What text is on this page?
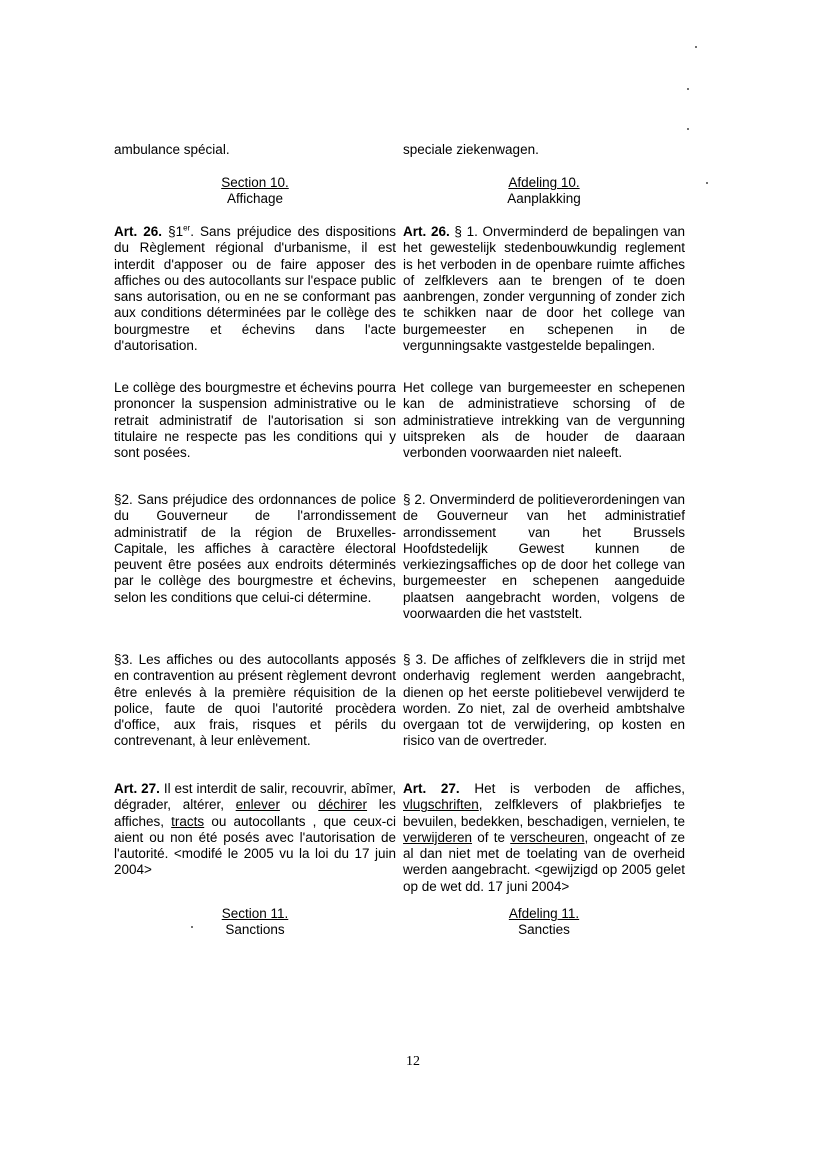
ambulance spécial.
Section 10.
Affichage
Art. 26. §1er. Sans préjudice des dispositions du Règlement régional d'urbanisme, il est interdit d'apposer ou de faire apposer des affiches ou des autocollants sur l'espace public sans autorisation, ou en ne se conformant pas aux conditions déterminées par le collège des bourgmestre et échevins dans l'acte d'autorisation.
Le collège des bourgmestre et échevins pourra prononcer la suspension administrative ou le retrait administratif de l'autorisation si son titulaire ne respecte pas les conditions qui y sont posées.
§2. Sans préjudice des ordonnances de police du Gouverneur de l'arrondissement administratif de la région de Bruxelles-Capitale, les affiches à caractère électoral peuvent être posées aux endroits déterminés par le collège des bourgmestre et échevins, selon les conditions que celui-ci détermine.
§3. Les affiches ou des autocollants apposés en contravention au présent règlement devront être enlevés à la première réquisition de la police, faute de quoi l'autorité procèdera d'office, aux frais, risques et périls du contrevenant, à leur enlèvement.
Art. 27. Il est interdit de salir, recouvrir, abîmer, dégrader, altérer, enlever ou déchirer les affiches, tracts ou autocollants , que ceux-ci aient ou non été posés avec l'autorisation de l'autorité. <modifé le 2005 vu la loi du 17 juin 2004>
Section 11.
Sanctions
speciale ziekenwagen.
Afdeling 10.
Aanplakking
Art. 26. § 1. Onverminderd de bepalingen van het gewestelijk stedenbouwkundig reglement is het verboden in de openbare ruimte affiches of zelfklevers aan te brengen of te doen aanbrengen, zonder vergunning of zonder zich te schikken naar de door het college van burgemeester en schepenen in de vergunningsakte vastgestelde bepalingen.
Het college van burgemeester en schepenen kan de administratieve schorsing of de administratieve intrekking van de vergunning uitspreken als de houder de daaraan verbonden voorwaarden niet naleeft.
§ 2. Onverminderd de politieverordeningen van de Gouverneur van het administratief arrondissement van het Brussels Hoofdstedelijk Gewest kunnen de verkiezingsaffiches op de door het college van burgemeester en schepenen aangeduide plaatsen aangebracht worden, volgens de voorwaarden die het vaststelt.
§ 3. De affiches of zelfklevers die in strijd met onderhavig reglement werden aangebracht, dienen op het eerste politiebevel verwijderd te worden. Zo niet, zal de overheid ambtshalve overgaan tot de verwijdering, op kosten en risico van de overtreder.
Art. 27. Het is verboden de affiches, vlugschriften, zelfklevers of plakbriefjes te bevuilen, bedekken, beschadigen, vernielen, te verwijderen of te verscheuren, ongeacht of ze al dan niet met de toelating van de overheid werden aangebracht. <gewijzigd op 2005 gelet op de wet dd. 17 juni 2004>
Afdeling 11.
Sancties
12
